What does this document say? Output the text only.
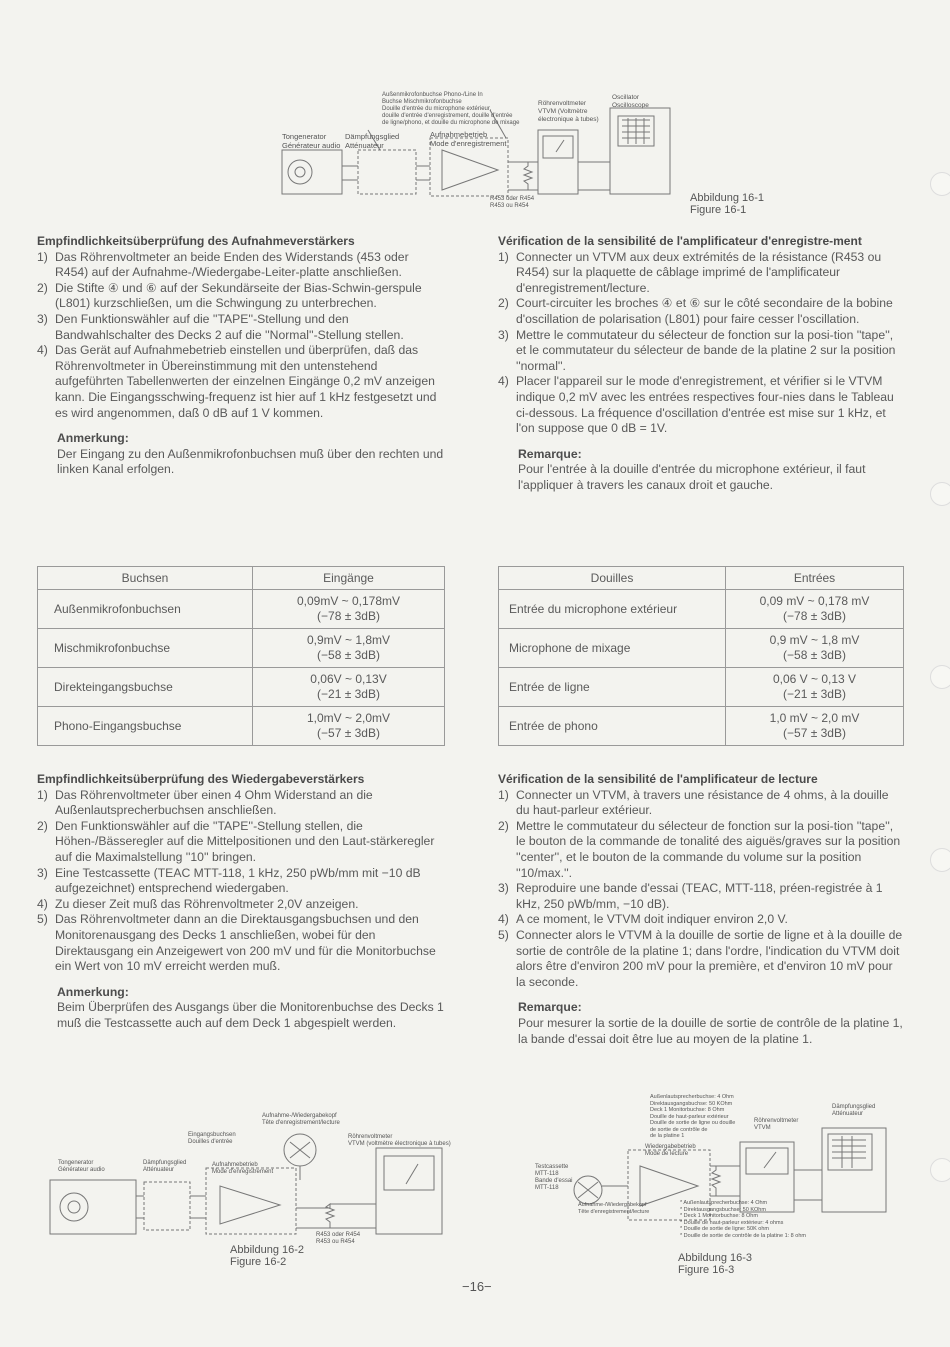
Tongenerator
Générateur audio
Dämpfungsglied
Atténuateur
Aufnahmebetrieb
Mode d'enregistrement
Außenmikrofonbuchse Phono-/Line In
Buchse Mischmikrofonbuchse
Douille d'entrée du microphone extérieur,
douille d'entrée d'enregistrement, douille d'entrée
de ligne/phono, et douille du microphone de mixage
Röhrenvoltmeter
VTVM (Voltmètre
électronique à tubes)
Oscillator
Oscilloscope
R453 oder R454
R453 ou R454
Abbildung 16-1
Figure 16-1
Empfindlichkeitsüberprüfung des Aufnahmeverstärkers
1) Das Röhrenvoltmeter an beide Enden des Widerstands (453 oder R454) auf der Aufnahme-/Wiedergabe-Leiter-platte anschließen.
2) Die Stifte ④ und ⑥ auf der Sekundärseite der Bias-Schwin-gerspule (L801) kurzschließen, um die Schwingung zu unterbrechen.
3) Den Funktionswähler auf die ''TAPE''-Stellung und den Bandwahlschalter des Decks 2 auf die ''Normal''-Stellung stellen.
4) Das Gerät auf Aufnahmebetrieb einstellen und überprüfen, daß das Röhrenvoltmeter in Übereinstimmung mit den untenstehend aufgeführten Tabellenwerten der einzelnen Eingänge 0,2 mV anzeigen kann. Die Eingangsschwing-frequenz ist hier auf 1 kHz festgesetzt und es wird angenommen, daß 0 dB auf 1 V kommen.
Anmerkung:
Der Eingang zu den Außenmikrofonbuchsen muß über den rechten und linken Kanal erfolgen.
Vérification de la sensibilité de l'amplificateur d'enregistre-ment
1) Connecter un VTVM aux deux extrémités de la résistance (R453 ou R454) sur la plaquette de câblage imprimé de l'amplificateur d'enregistrement/lecture.
2) Court-circuiter les broches ④ et ⑥ sur le côté secondaire de la bobine d'oscillation de polarisation (L801) pour faire cesser l'oscillation.
3) Mettre le commutateur du sélecteur de fonction sur la posi-tion ''tape'', et le commutateur du sélecteur de bande de la platine 2 sur la position ''normal''.
4) Placer l'appareil sur le mode d'enregistrement, et vérifier si le VTVM indique 0,2 mV avec les entrées respectives four-nies dans le Tableau ci-dessous. La fréquence d'oscillation d'entrée est mise sur 1 kHz, et l'on suppose que 0 dB = 1V.
Remarque:
Pour l'entrée à la douille d'entrée du microphone extérieur, il faut l'appliquer à travers les canaux droit et gauche.
Buchsen	Eingänge
Außenmikrofonbuchsen	0,09mV ~ 0,178mV
(−78 ± 3dB)

Mischmikrofonbuchse	0,9mV ~ 1,8mV
(−58 ± 3dB)

Direkteingangsbuchse	0,06V ~ 0,13V
(−21 ± 3dB)

Phono-Eingangsbuchse	1,0mV ~ 2,0mV
(−57 ± 3dB)
Douilles	Entrées
Entrée du microphone extérieur	0,09 mV ~ 0,178 mV
(−78 ± 3dB)

Microphone de mixage	0,9 mV ~ 1,8 mV
(−58 ± 3dB)

Entrée de ligne	0,06 V ~ 0,13 V
(−21 ± 3dB)

Entrée de phono	1,0 mV ~ 2,0 mV
(−57 ± 3dB)
Empfindlichkeitsüberprüfung des Wiedergabeverstärkers
1) Das Röhrenvoltmeter über einen 4 Ohm Widerstand an die Außenlautsprecherbuchsen anschließen.
2) Den Funktionswähler auf die ''TAPE''-Stellung stellen, die Höhen-/Bässeregler auf die Mittelpositionen und den Laut-stärkeregler auf die Maximalstellung ''10'' bringen.
3) Eine Testcassette (TEAC MTT-118, 1 kHz, 250 pWb/mm mit −10 dB aufgezeichnet) entsprechend wiedergaben.
4) Zu dieser Zeit muß das Röhrenvoltmeter 2,0V anzeigen.
5) Das Röhrenvoltmeter dann an die Direktausgangsbuchsen und den Monitorenausgang des Decks 1 anschließen, wobei für den Direktausgang ein Anzeigewert von 200 mV und für die Monitorbuchse ein Wert von 10 mV erreicht werden muß.
Anmerkung:
Beim Überprüfen des Ausgangs über die Monitorenbuchse des Decks 1 muß die Testcassette auch auf dem Deck 1 abgespielt werden.
Vérification de la sensibilité de l'amplificateur de lecture
1) Connecter un VTVM, à travers une résistance de 4 ohms, à la douille du haut-parleur extérieur.
2) Mettre le commutateur du sélecteur de fonction sur la posi-tion ''tape'', le bouton de la commande de tonalité des aiguës/graves sur la position ''center'', et le bouton de la commande du volume sur la position ''10/max.''.
3) Reproduire une bande d'essai (TEAC, MTT-118, préen-registrée à 1 kHz, 250 pWb/mm, −10 dB).
4) A ce moment, le VTVM doit indiquer environ 2,0 V.
5) Connecter alors le VTVM à la douille de sortie de ligne et à la douille de sortie de contrôle de la platine 1; dans l'ordre, l'indication du VTVM doit alors être d'environ 200 mV pour la première, et d'environ 10 mV pour la seconde.
Remarque:
Pour mesurer la sortie de la douille de sortie de contrôle de la platine 1, la bande d'essai doit être lue au moyen de la platine 1.
Tongenerator
Générateur audio
Dämpfungsglied
Atténuateur
Eingangsbuchsen
Douilles d'entrée
Aufnahmebetrieb
Mode d'enregistrement
Aufnahme-/Wiedergabekopf
Tête d'enregistrement/lecture
Röhrenvoltmeter
VTVM (voltmètre électronique à tubes)
R453 oder R454
R453 ou R454
Abbildung 16-2
Figure 16-2
Testcassette
MTT-118
Bande d'essai
MTT-118
Außenlautsprecherbuchse: 4 Ohm
Direktausgangsbuchse: 50 KOhm
Deck 1 Monitorbuchse: 8 Ohm
Douille de haut-parleur extérieur
Douille de sortie de ligne ou douille
de sortie de contrôle de
de la platine 1
Wiedergabebetrieb
Mode de lecture
Röhrenvoltmeter
VTVM
Dämpfungsglied
Atténuateur
Aufnahme-/Wiedergabekopf
Tête d'enregistrement/lecture
* Außenlautsprecherbuchse: 4 Ohm
* Direktausgangsbuchse: 50 KOhm
* Deck 1 Monitorbuchse: 8 Ohm
* Douille de haut-parleur extérieur: 4 ohms
* Douille de sortie de ligne: 50K ohm
* Douille de sortie de contrôle de la platine 1: 8 ohm
Abbildung 16-3
Figure 16-3
−16−
